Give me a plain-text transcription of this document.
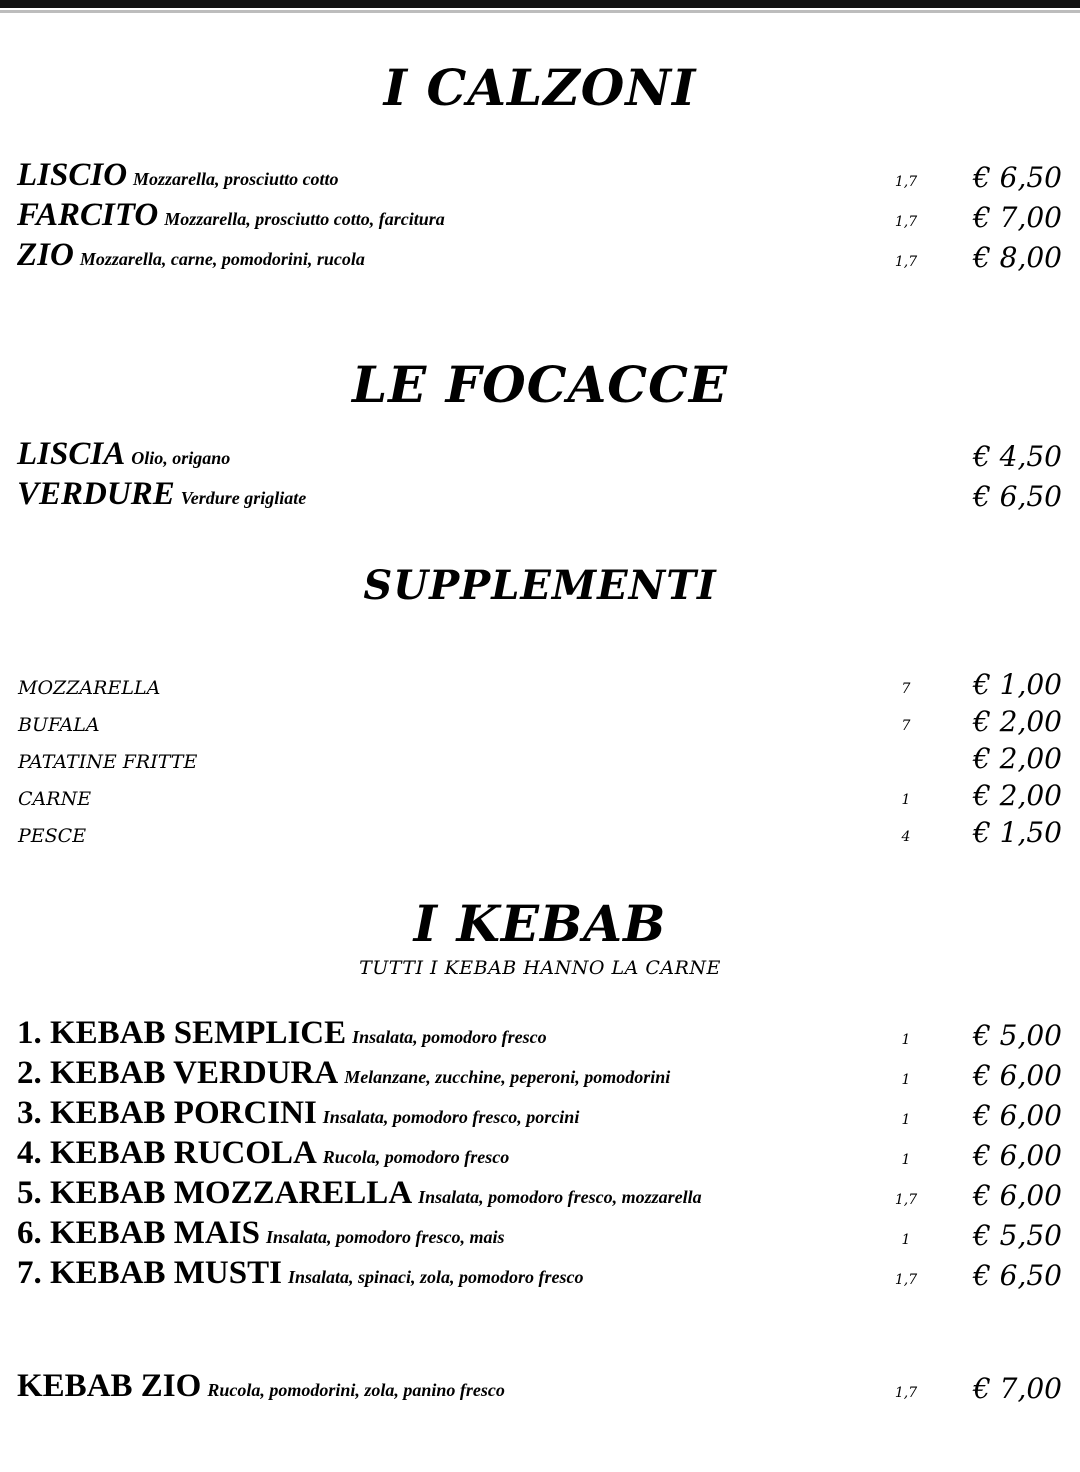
I CALZONI
LISCIO Mozzarella, prosciutto cotto	1,7	€ 6,50
FARCITO Mozzarella, prosciutto cotto, farcitura	1,7	€ 7,00
ZIO Mozzarella, carne, pomodorini, rucola	1,7	€ 8,00
LE FOCACCE
LISCIA Olio, origano	€ 4,50
VERDURE Verdure grigliate	€ 6,50
SUPPLEMENTI
MOZZARELLA	7	€ 1,00
BUFALA	7	€ 2,00
PATATINE FRITTE	€ 2,00
CARNE	1	€ 2,00
PESCE	4	€ 1,50
I KEBAB
TUTTI I KEBAB HANNO LA CARNE
1. KEBAB SEMPLICE Insalata, pomodoro fresco	1	€ 5,00
2. KEBAB VERDURA Melanzane, zucchine, peperoni, pomodorini	1	€ 6,00
3. KEBAB PORCINI Insalata, pomodoro fresco, porcini	1	€ 6,00
4. KEBAB RUCOLA Rucola, pomodoro fresco	1	€ 6,00
5. KEBAB MOZZARELLA Insalata, pomodoro fresco, mozzarella	1,7	€ 6,00
6. KEBAB MAIS Insalata, pomodoro fresco, mais	1	€ 5,50
7. KEBAB MUSTI Insalata, spinaci, zola, pomodoro fresco	1,7	€ 6,50
KEBAB ZIO Rucola, pomodorini, zola, panino fresco	1,7	€ 7,00
